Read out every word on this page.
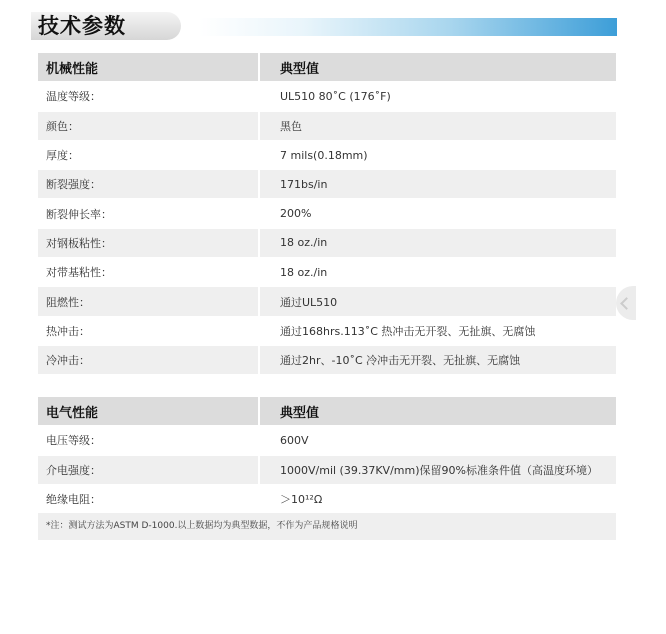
技术参数
机械性能	典型值
温度等级：	UL510 80˚C (176˚F)
颜色：	黑色
厚度：	7 mils(0.18mm)
断裂强度：	171bs/in
断裂伸长率：	200%
对钢板粘性：	18 oz./in
对带基粘性：	18 oz./in
阻燃性：	通过UL510
热冲击：	通过168hrs.113˚C 热冲击无开裂、无扯旗、无腐蚀
冷冲击：	通过2hr、-10˚C 冷冲击无开裂、无扯旗、无腐蚀
电气性能	典型值
电压等级：	600V
介电强度：	1000V/mil (39.37KV/mm)保留90%标准条件值（高温度环境）
绝缘电阻：	＞10¹²Ω
*注：测试方法为ASTM D-1000.以上数据均为典型数据，不作为产品规格说明
